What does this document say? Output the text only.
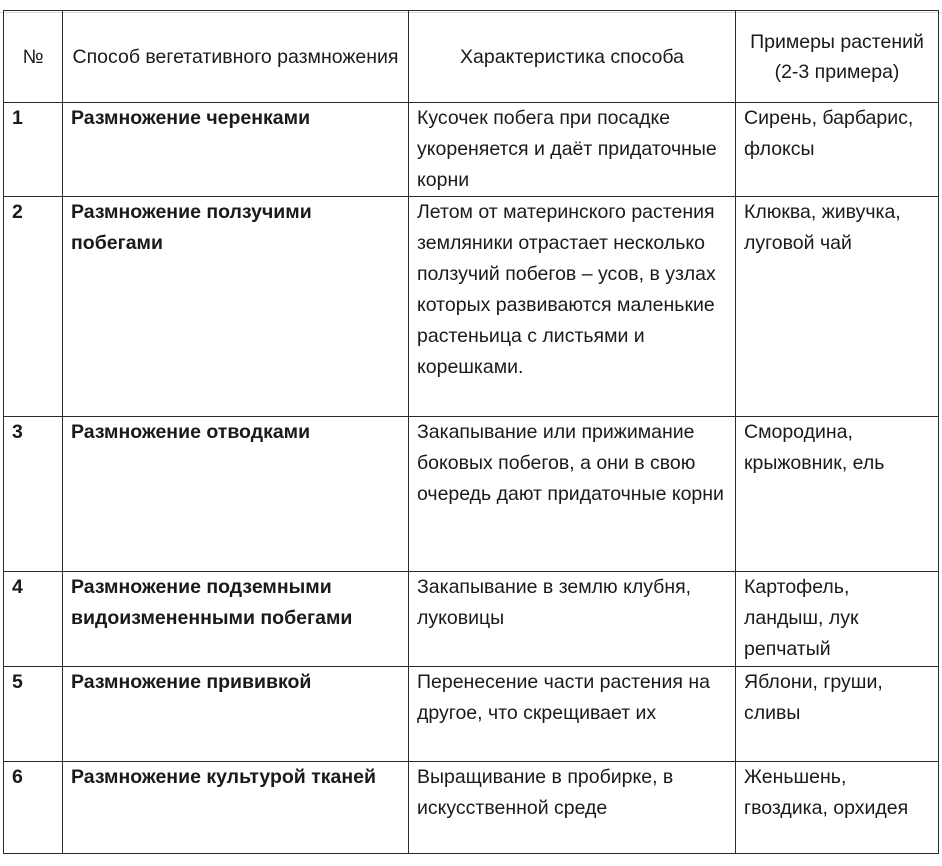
№	Способ вегетативного размножения	Характеристика способа	Примеры растений (2-3 примера)
1	Размножение черенками	Кусочек побега при посадке укореняется и даёт придаточные корни	Сирень, барбарис, флоксы
2	Размножение ползучими побегами	Летом от материнского растения земляники отрастает несколько ползучий побегов – усов, в узлах которых развиваются маленькие растеньица с листьями и корешками.	Клюква, живучка, луговой чай
3	Размножение отводками	Закапывание или прижимание боковых побегов, а они в свою очередь дают придаточные корни	Смородина, крыжовник, ель
4	Размножение подземными видоизмененными побегами	Закапывание в землю клубня, луковицы	Картофель, ландыш, лук репчатый
5	Размножение прививкой	Перенесение части растения на другое, что скрещивает их	Яблони, груши, сливы
6	Размножение культурой тканей	Выращивание в пробирке, в искусственной среде	Женьшень, гвоздика, орхидея
